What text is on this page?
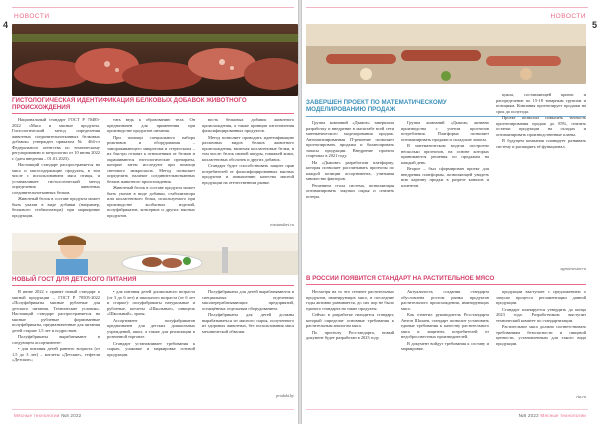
НОВОСТИ
4
ГИСТОЛОГИЧЕСКАЯ ИДЕНТИФИКАЦИЯ БЕЛКОВЫХ ДОБАВОК ЖИВОТНОГО ПРОИСХОЖДЕНИЯ

Национальный стандарт ГОСТ Р 70485-2022 «Мясо и мясные продукты. Гистологический метод определения животных соединительнотканных белковых добавок» утвержден приказом № 464-ст Федерального агентства по техническому регулированию и метрологии от 10 июня 2022 г. (дата введения – 01.01.2023).

Настоящий стандарт распространяется на мясо и мясосодержащие продукты, в том числе с использованием мяса птицы, и устанавливает гистологический метод определения животных соединительнотканных белков.

Животный белок в составе продукта может быть указан в виде добавки (например, белкового стабилизатора) при маркировке продукции.

тать ведь к образованию тела. Он предназначен для применения при производстве продуктов питания.

При помощи специального набора реактивов и оборудования – замораживающего микротома и стереоскопа – их быстро готовят к отношениям от белков и окрашиваются гистологические препараты, которые затем исследуют при помощи светового микроскопа. Метод позволяет определить наличие соединительнотканных белков животного происхождения.

Животный белок в составе продукта может быть указан в виде добавки, стабилизатора или коллагенового белка, используемого при производстве колбасных изделий, полуфабрикатов, консервов и других мясных продуктов.

вость белковых добавок животного происхождения, а также принцип изготовления фальсифицированных продуктов.

Метод позволяет проводить идентификацию различных видов белков животного происхождения, включая коллагеновые белки, в том числе: белок свиной шкуры, говяжьей кожи, коллагеновых оболочек и других добавок.

Стандарт будет способствовать защите прав потребителей от фальсифицированных мясных продуктов и повышению качества мясной продукции на отечественном рынке.

rosstandart.ru
НОВЫЙ ГОСТ ДЛЯ ДЕТСКОГО ПИТАНИЯ

В июне 2022 г. принят новый стандарт к мясной продукции – ГОСТ Р 70505-2022 «Полуфабрикаты мясные рубленые для детского питания. Технические условия». Настоящий стандарт распространяется на мясные рубленые формованные полуфабрикаты, предназначенные для питания детей старше 1,5 лет и подростков.

Полуфабрикаты вырабатывают в следующем ассортименте:

• для питания детей раннего возраста (от 1,5 до 3 лет) – котлеты «Детские», тефтели «Детские»;

• для питания детей дошкольного возраста (от 3 до 6 лет) и школьного возраста (от 6 лет и старше): полуфабрикаты натуральные и рубленые, котлеты «Школьные», шницель «Школьный», зразы.

Ассортимент полуфабрикатов предназначен для детских дошкольных учреждений, школ, а также для реализации в розничной торговле.

Стандарт устанавливает требования к сырью, упаковке и маркировке готовой продукции.

Полуфабрикаты для детей вырабатываются в специальных отделениях мясоперерабатывающих предприятий, оснащённых отдельным оборудованием.

Полуфабрикаты для детей должны вырабатываться из мясного сырья, полученного из здоровых животных, без использования мяса механической обвалки.

produkt.by
Мясные технологии №8 2022
НОВОСТИ
5
ЗАВЕРШЕН ПРОЕКТ ПО МАТЕМАТИЧЕСКОМУ МОДЕЛИРОВАНИЮ ПРОДАЖ

Группа компаний «Дымов» завершила разработку и внедрение в масштабе всей сети математического моделирования продаж. Автоматизированная IT-решение позволяет прогнозировать продажи и балансировать запасы продукции. Внедрение проекта стартовал в 2021 году.

На «Дымове» разработали платформу, которая позволяет рассчитывать прогнозы по каждой позиции ассортимента, учитывая множество факторов.

Решением стала система, позволяющая оптимизировать закупки сырья и снизить потери.

Группа компаний «Дымов» активно производства с учетом прогнозов потребления. Платформа позволяет оптимизировать продажи и складские запасы.

В математическом модели построено несколько прогнозов, на основе которых принимаются решения по продажам на каждый день.

Второе – был сформирован проект для внедрения платформы, позволяющей увидеть всю картину продаж в разрезе каналов и клиентов.

цикла, составляющей кризис и распределение по 15-18 товарным группам и позициям. Компания прогнозирует продажи на срок до полугода.

Проект позволил повысить точность прогнозирования продаж до 85%, снизить остатки продукции на складах и оптимизировать производственные планы.

В будущем компания планирует развивать систему и расширять её функционал.

agroinvestor.ru
В РОССИИ ПОЯВИТСЯ СТАНДАРТ НА РАСТИТЕЛЬНОЕ МЯСО

Несмотря на то что сегмент растительных продуктов, имитирующих мясо, в последние годы активно развивается, до сих пор не было единого стандарта на такие продукты.

Сейчас в разработке находится стандарт, который определит основные требования к растительным аналогам мяса.

По прогнозу Росстандарта, новый документ будет разработан в 2023 году.

Актуальность создания стандарта обусловлена ростом рынка продуктов растительного происхождения, имитирующих мясо.

Как отметил руководитель Росстандарта Антон Шалаев, стандарт позволит установить единые требования к качеству растительного мяса и защитить потребителей от недобросовестных производителей.

В документ войдут требования к составу и маркировке.

продукции выступает с предложением о запуске процесса регламентации данной продукции.

Стандарт планируется утвердить до конца 2023 года. Разработчиком выступит технический комитет по стандартизации.

Растительное мясо должно соответствовать требованиям безопасности и пищевой ценности, установленным для такого вида продукции.

ria.ru
№8 2022 Мясные технологии
